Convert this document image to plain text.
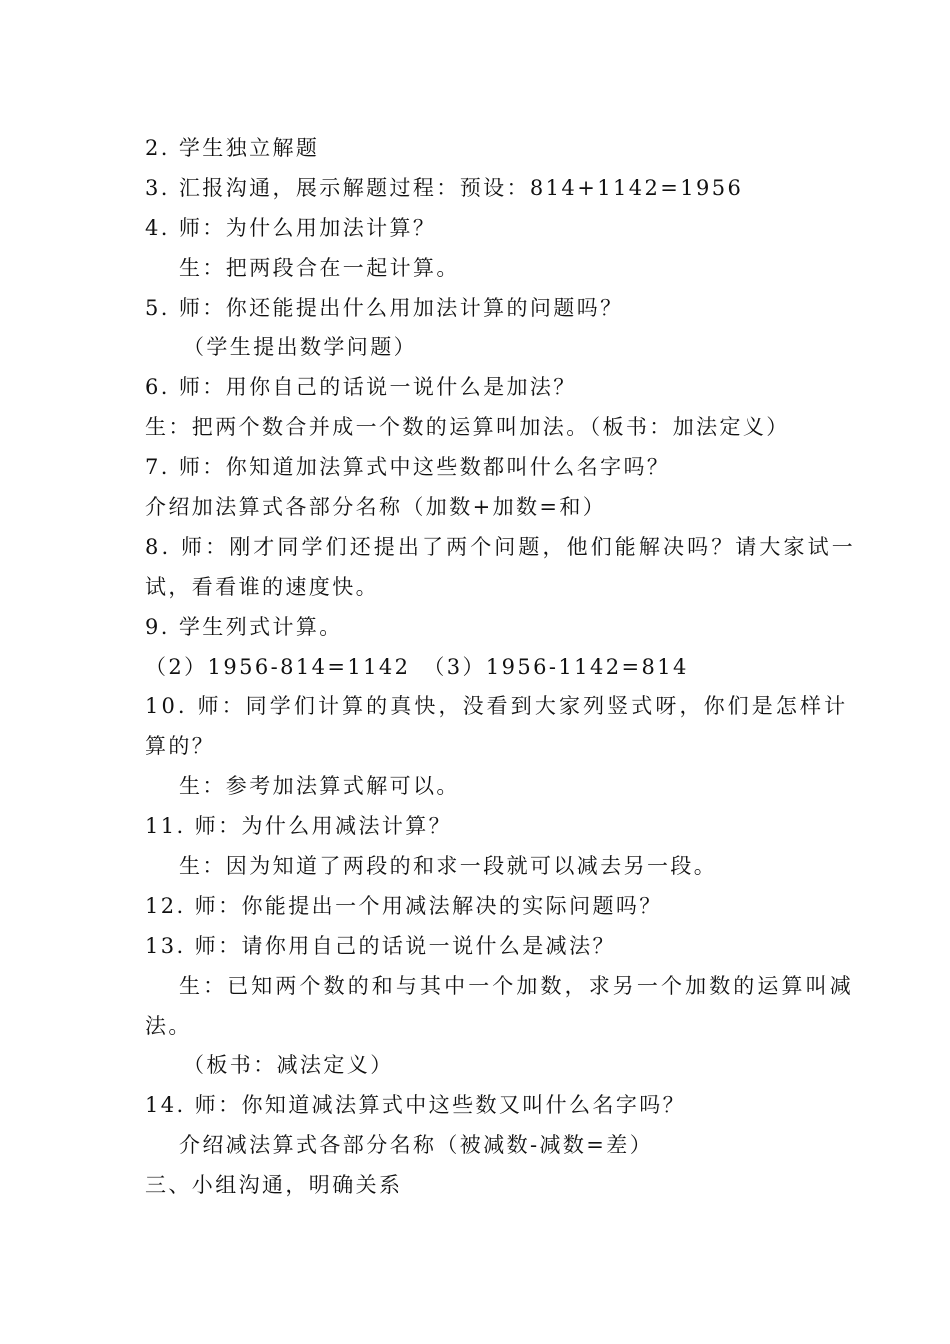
2. 学生独立解题
3. 汇报沟通，展示解题过程：预设：814+1142=1956
4. 师：为什么用加法计算？
生：把两段合在一起计算。
5. 师：你还能提出什么用加法计算的问题吗？
（学生提出数学问题）
6. 师：用你自己的话说一说什么是加法？
生：把两个数合并成一个数的运算叫加法。（板书：加法定义）
7. 师：你知道加法算式中这些数都叫什么名字吗？
介绍加法算式各部分名称（加数+加数=和）
8. 师：刚才同学们还提出了两个问题，他们能解决吗？请大家试一
试，看看谁的速度快。
9. 学生列式计算。
（2）1956-814=1142　（3）1956-1142=814
10. 师：同学们计算的真快，没看到大家列竖式呀，你们是怎样计
算的？
生：参考加法算式解可以。
11. 师：为什么用减法计算？
生：因为知道了两段的和求一段就可以减去另一段。
12. 师：你能提出一个用减法解决的实际问题吗？
13. 师：请你用自己的话说一说什么是减法？
生：已知两个数的和与其中一个加数，求另一个加数的运算叫减
法。
（板书：减法定义）
14. 师：你知道减法算式中这些数又叫什么名字吗？
介绍减法算式各部分名称（被减数-减数=差）
三、小组沟通，明确关系
